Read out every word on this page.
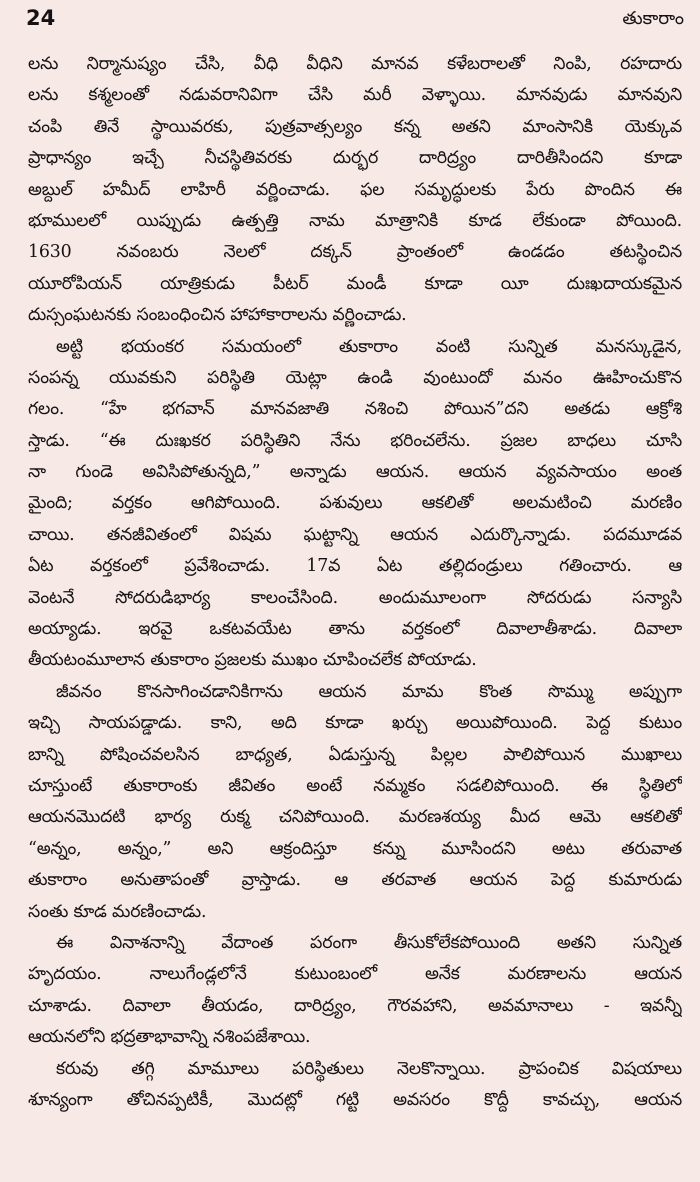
24	తుకారాం
లను నిర్మానుష్యం చేసి, వీధి వీధిని మానవ కళేబరాలతో నింపి, రహదారు
లను కశ్మలంతో నడువరానివిగా చేసి మరీ వెళ్ళాయి. మానవుడు మానవుని
చంపి తినే స్థాయివరకు, పుత్రవాత్సల్యం కన్న అతని మాంసానికి యెక్కువ
ప్రాధాన్యం ఇచ్చే నీచస్థితివరకు దుర్భర దారిద్ర్యం దారితీసిందని కూడా
అబ్దుల్ హమీద్ లాహిరీ వర్ణించాడు. ఫల సమృద్ధులకు పేరు పొందిన ఈ
భూములలో యిప్పుడు ఉత్పత్తి నామ మాత్రానికి కూడ లేకుండా పోయింది.
1630 నవంబరు నెలలో దక్కన్ ప్రాంతంలో ఉండడం తటస్థించిన
యూరోపియన్ యాత్రికుడు పీటర్ మండీ కూడా యీ దుఃఖదాయకమైన
దుస్సంఘటనకు సంబంధించిన హాహాకారాలను వర్ణించాడు.
అట్టి భయంకర సమయంలో తుకారాం వంటి సున్నిత మనస్కుడైన,
సంపన్న యువకుని పరిస్థితి యెట్లా ఉండి వుంటుందో మనం ఊహించుకొన
గలం. “హే భగవాన్ మానవజాతి నశించి పోయిన”దని అతడు ఆక్రోశి
స్తాడు. “ఈ దుఃఖకర పరిస్థితిని నేను భరించలేను. ప్రజల బాధలు చూసి
నా గుండె అవిసిపోతున్నది,” అన్నాడు ఆయన. ఆయన వ్యవసాయం అంత
మైంది; వర్తకం ఆగిపోయింది. పశువులు ఆకలితో అలమటించి మరణిం
చాయి. తనజీవితంలో విషమ ఘట్టాన్ని ఆయన ఎదుర్కొన్నాడు. పదమూడవ
ఏట వర్తకంలో ప్రవేశించాడు. 17వ ఏట తల్లిదండ్రులు గతించారు. ఆ
వెంటనే సోదరుడిభార్య కాలంచేసింది. అందుమూలంగా సోదరుడు సన్యాసి
అయ్యాడు. ఇరవై ఒకటవయేట తాను వర్తకంలో దివాలాతీశాడు. దివాలా
తీయటంమూలాన తుకారాం ప్రజలకు ముఖం చూపించలేక పోయాడు.
జీవనం కొనసాగించడానికిగాను ఆయన మామ కొంత సొమ్ము అప్పుగా
ఇచ్చి సాయపడ్డాడు. కాని, అది కూడా ఖర్చు అయిపోయింది. పెద్ద కుటుం
బాన్ని పోషించవలసిన బాధ్యత, ఏడుస్తున్న పిల్లల పాలిపోయిన ముఖాలు
చూస్తుంటే తుకారాంకు జీవితం అంటే నమ్మకం సడలిపోయింది. ఈ స్థితిలో
ఆయనమొదటి భార్య రుక్మ చనిపోయింది. మరణశయ్య మీద ఆమె ఆకలితో
“అన్నం, అన్నం,” అని ఆక్రందిస్తూ కన్ను మూసిందని అటు తరువాత
తుకారాం అనుతాపంతో వ్రాస్తాడు. ఆ తరవాత ఆయన పెద్ద కుమారుడు
సంతు కూడ మరణించాడు.
ఈ వినాశనాన్ని వేదాంత పరంగా తీసుకోలేకపోయింది అతని సున్నిత
హృదయం. నాలుగేండ్లలోనే కుటుంబంలో అనేక మరణాలను ఆయన
చూశాడు. దివాలా తీయడం, దారిద్ర్యం, గౌరవహాని, అవమానాలు - ఇవన్నీ
ఆయనలోని భద్రతాభావాన్ని నశింపజేశాయి.
కరువు తగ్గి మామూలు పరిస్థితులు నెలకొన్నాయి. ప్రాపంచిక విషయాలు
శూన్యంగా తోచినప్పటికీ, మొదట్లో గట్టి అవసరం కొద్దీ కావచ్చు, ఆయన
